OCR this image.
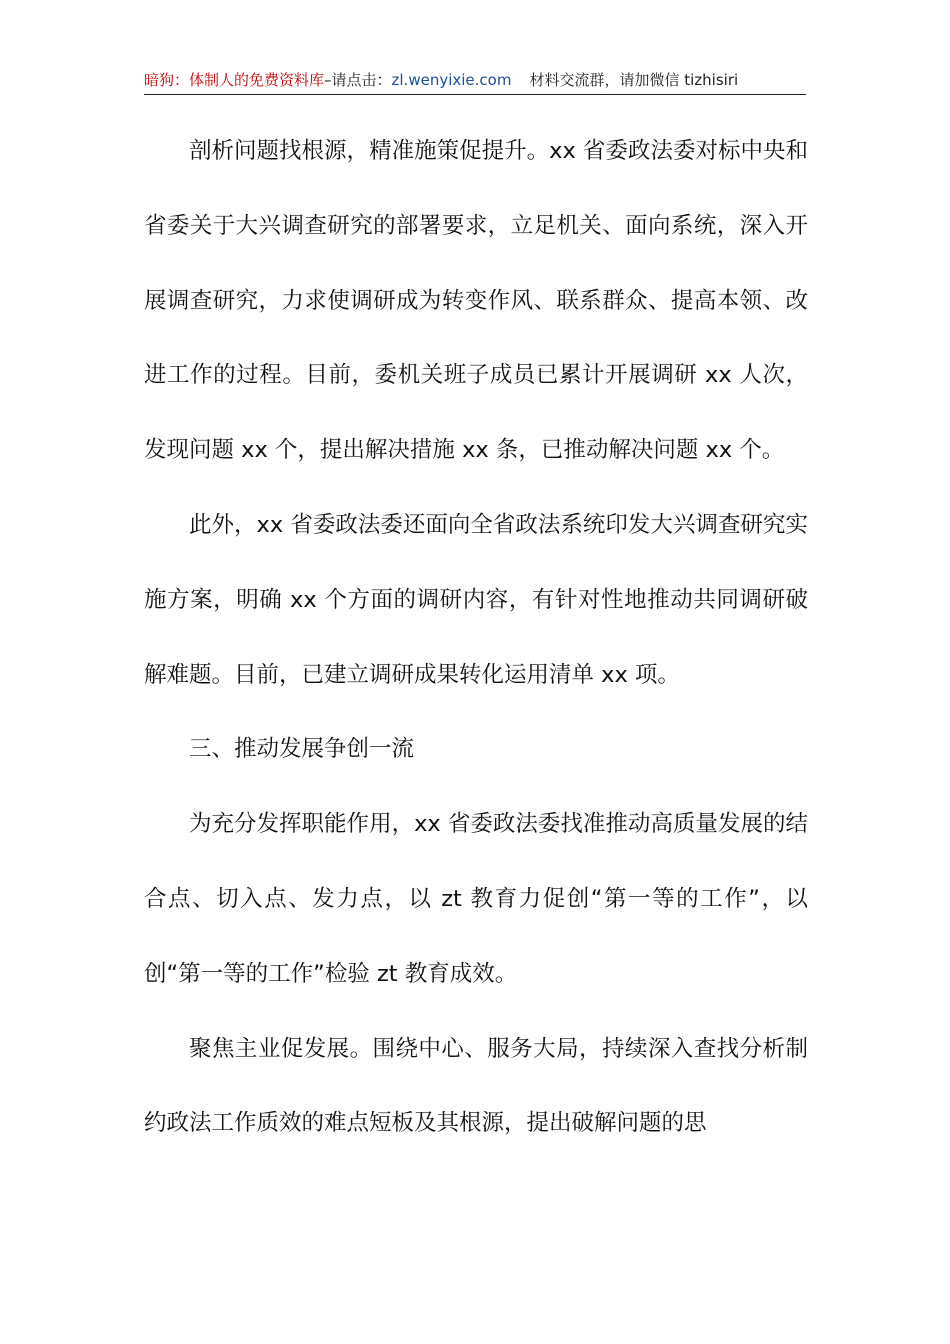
暗狗：体制人的免费资料库–请点击：zl.wenyixie.com 材料交流群，请加微信 tizhisiri

剖析问题找根源，精准施策促提升。xx 省委政法委对标中央和省委关于大兴调查研究的部署要求，立足机关、面向系统，深入开展调查研究，力求使调研成为转变作风、联系群众、提高本领、改进工作的过程。目前，委机关班子成员已累计开展调研 xx 人次，发现问题 xx 个，提出解决措施 xx 条，已推动解决问题 xx 个。

此外，xx 省委政法委还面向全省政法系统印发大兴调查研究实施方案，明确 xx 个方面的调研内容，有针对性地推动共同调研破解难题。目前，已建立调研成果转化运用清单 xx 项。

三、推动发展争创一流

为充分发挥职能作用，xx 省委政法委找准推动高质量发展的结合点、切入点、发力点，以 zt 教育力促创“第一等的工作”，以创“第一等的工作”检验 zt 教育成效。

聚焦主业促发展。围绕中心、服务大局，持续深入查找分析制约政法工作质效的难点短板及其根源，提出破解问题的思
